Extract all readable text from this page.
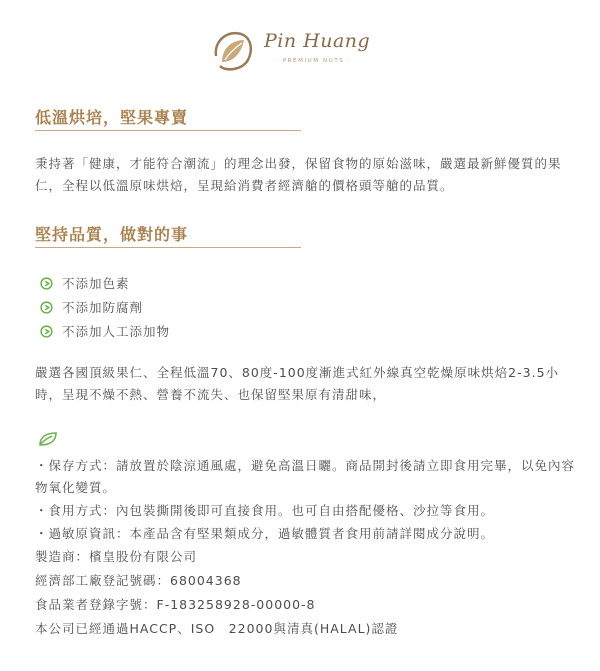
Pin Huang
· PREMIUM NUTS ·
低溫烘培，堅果專賣
秉持著「健康，才能符合潮流」的理念出發，保留食物的原始滋味，嚴選最新鮮優質的果仁，全程以低溫原味烘焙，呈現給消費者經濟艙的價格頭等艙的品質。
堅持品質，做對的事
不添加色素
不添加防腐劑
不添加人工添加物
嚴選各國頂級果仁、全程低溫70、80度-100度漸進式紅外線真空乾燥原味烘焙2-3.5小時，呈現不燥不熱、營養不流失、也保留堅果原有清甜味，
・保存方式：請放置於陰涼通風處，避免高溫日曬。商品開封後請立即食用完畢，以免內容物氧化變質。
・食用方式：內包裝撕開後即可直接食用。也可自由搭配優格、沙拉等食用。
・過敏原資訊：本產品含有堅果類成分，過敏體質者食用前請詳閱成分說明。
製造商：檳皇股份有限公司
經濟部工廠登記號碼：68004368
食品業者登錄字號：F-183258928-00000-8
本公司已經通過HACCP、ISO　22000與清真(HALAL)認證
